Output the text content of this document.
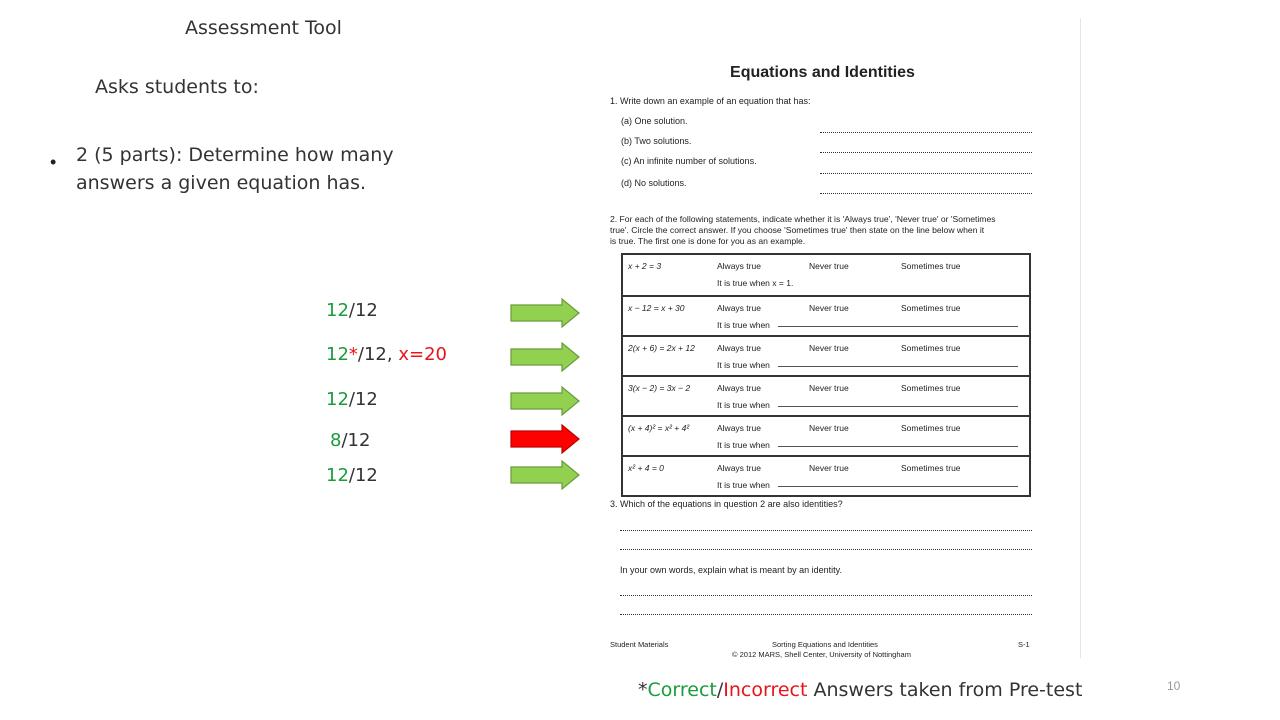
Assessment Tool
Asks students to:
• 2 (5 parts): Determine how many
answers a given equation has.
12/12
12*/12, x=20
12/12
8/12
12/12
Equations and Identities
1. Write down an example of an equation that has:
(a) One solution.
(b) Two solutions.
(c) An infinite number of solutions.
(d) No solutions.
2. For each of the following statements, indicate whether it is 'Always true', 'Never true' or 'Sometimes
true'. Circle the correct answer. If you choose 'Sometimes true' then state on the line below when it
is true. The first one is done for you as an example.
x + 2 = 3	Always true	Never true	Sometimes true
It is true when x = 1.
x − 12 = x + 30	Always true	Never true	Sometimes true
It is true when
2(x + 6) = 2x + 12	Always true	Never true	Sometimes true
It is true when
3(x − 2) = 3x − 2	Always true	Never true	Sometimes true
It is true when
(x + 4)² = x² + 4²	Always true	Never true	Sometimes true
It is true when
x² + 4 = 0	Always true	Never true	Sometimes true
It is true when
3. Which of the equations in question 2 are also identities?
In your own words, explain what is meant by an identity.
Student Materials	Sorting Equations and Identities	S-1
© 2012 MARS, Shell Center, University of Nottingham
*Correct/Incorrect Answers taken from Pre-test	10
